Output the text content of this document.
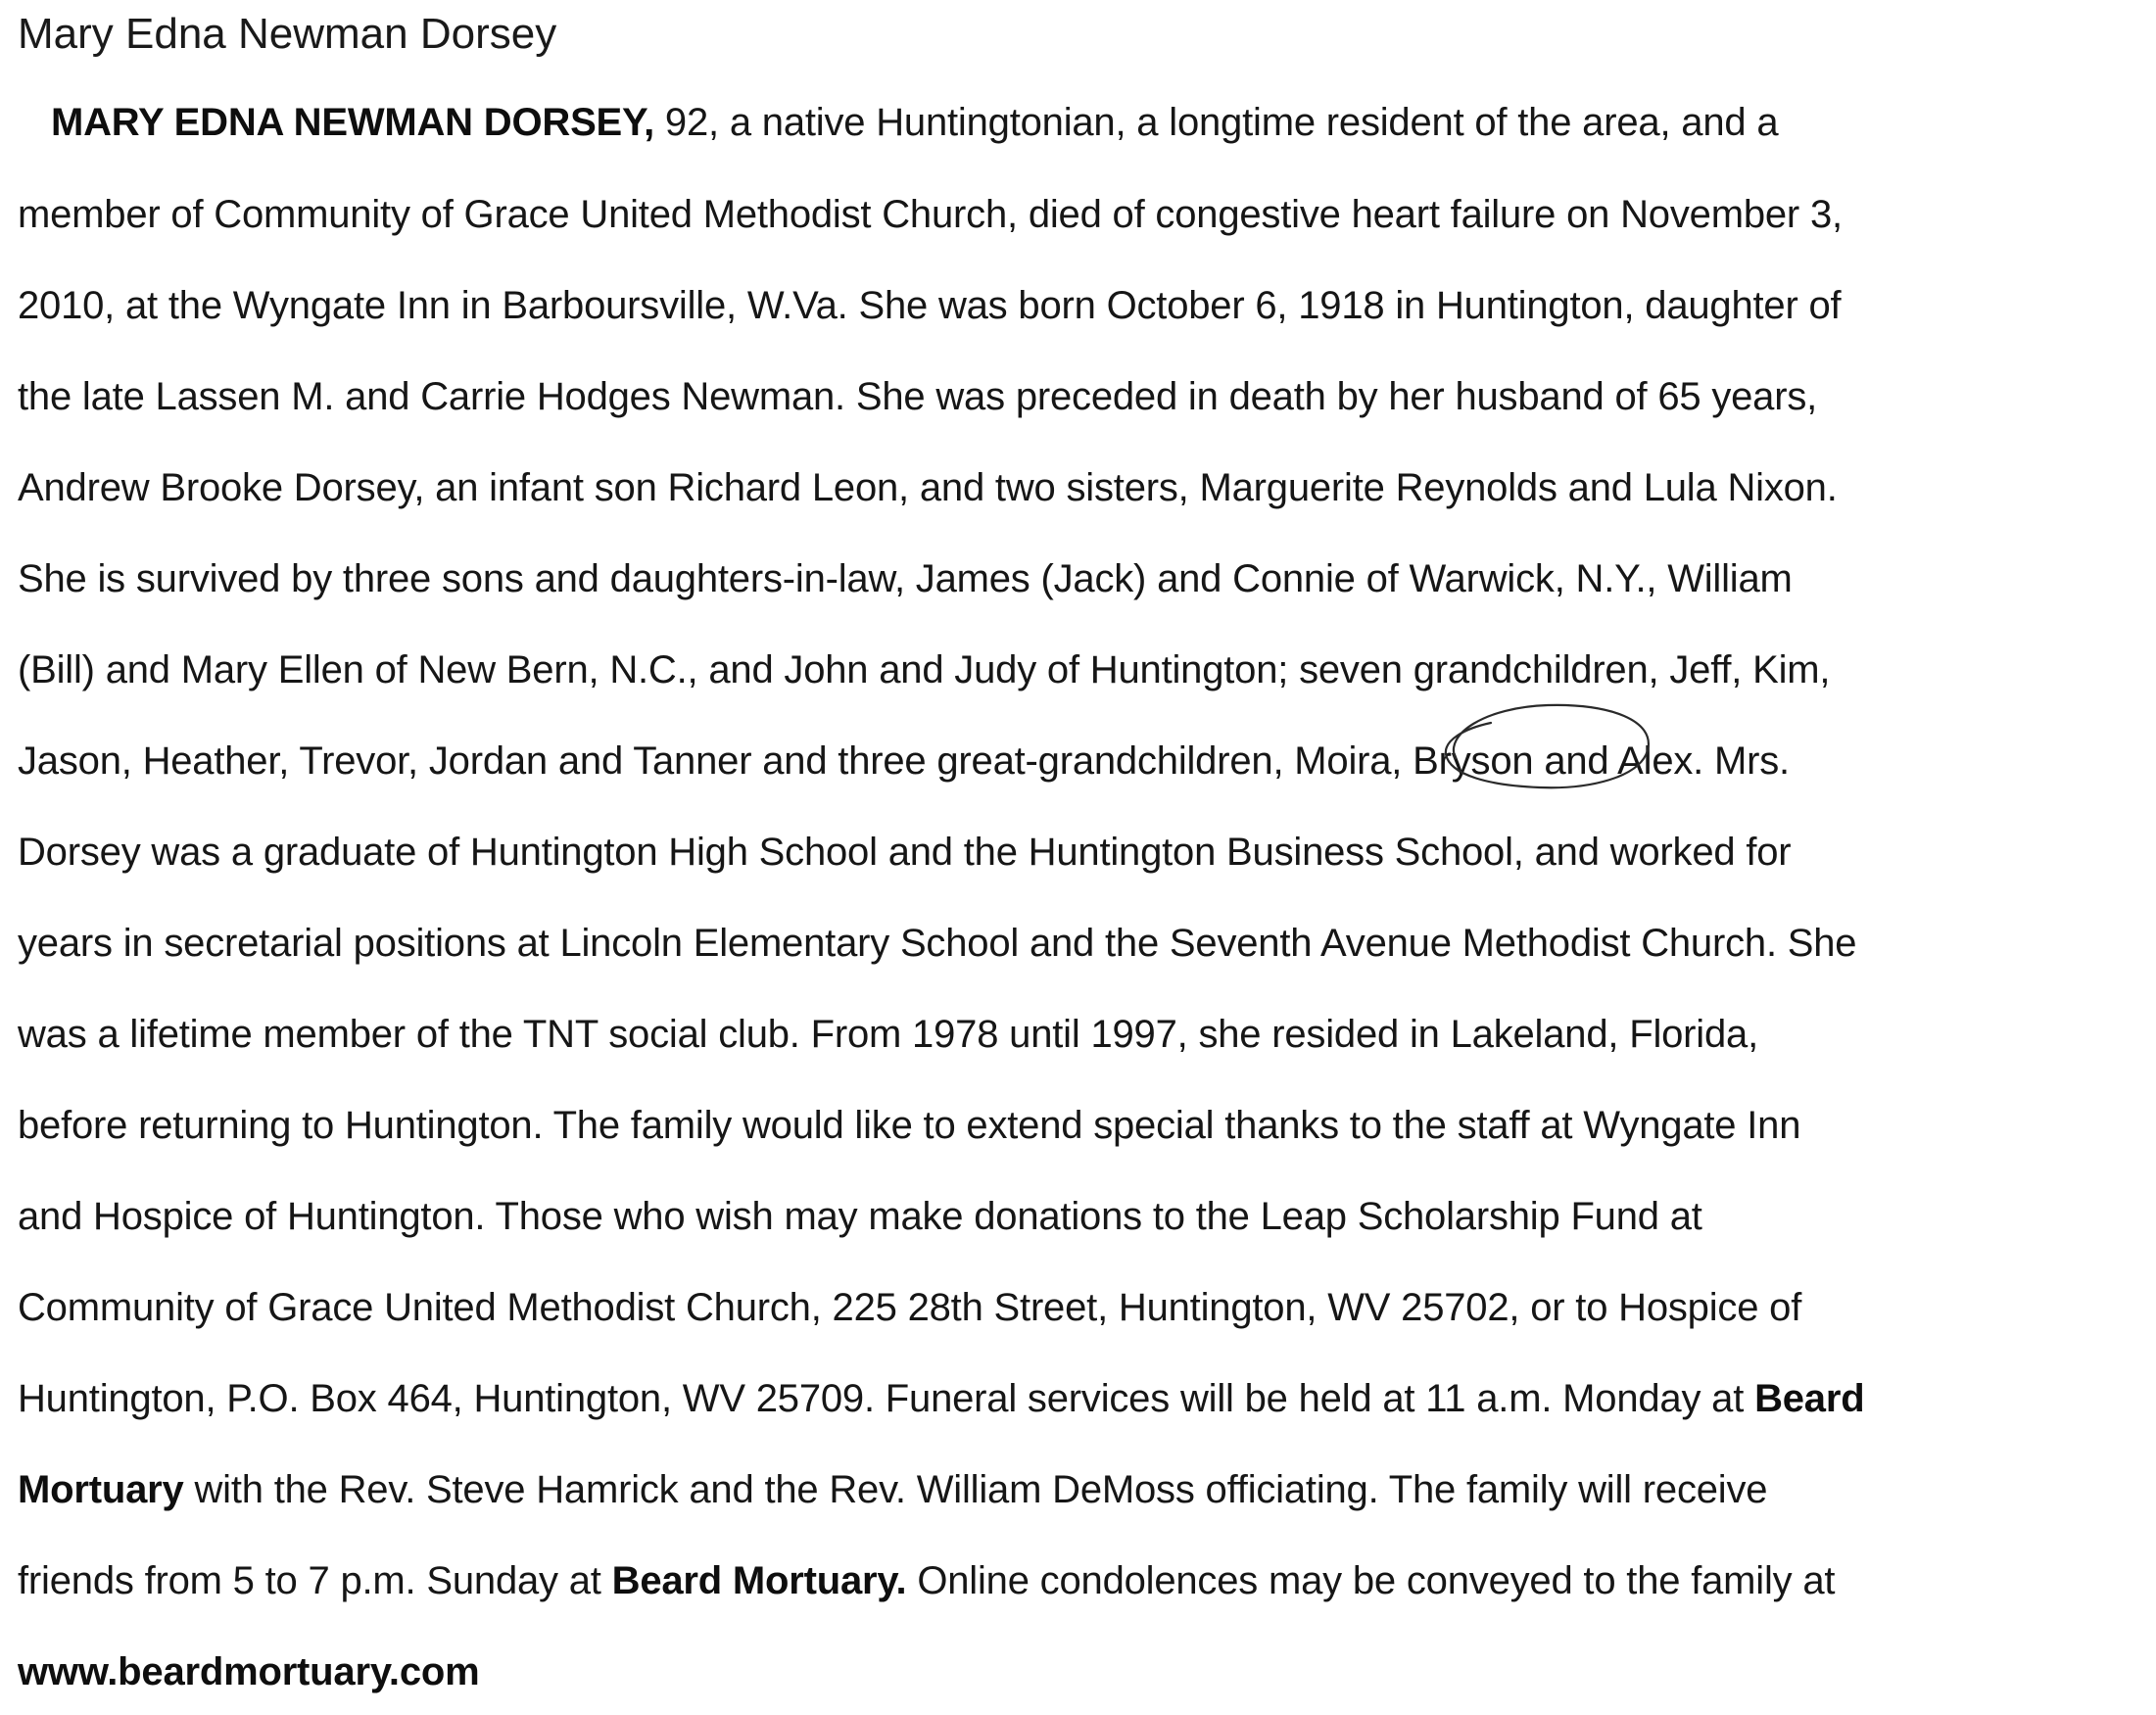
Mary Edna Newman Dorsey
MARY EDNA NEWMAN DORSEY, 92, a native Huntingtonian, a longtime resident of the area, and a
member of Community of Grace United Methodist Church, died of congestive heart failure on November 3,
2010, at the Wyngate Inn in Barboursville, W.Va. She was born October 6, 1918 in Huntington, daughter of
the late Lassen M. and Carrie Hodges Newman. She was preceded in death by her husband of 65 years,
Andrew Brooke Dorsey, an infant son Richard Leon, and two sisters, Marguerite Reynolds and Lula Nixon.
She is survived by three sons and daughters-in-law, James (Jack) and Connie of Warwick, N.Y., William
(Bill) and Mary Ellen of New Bern, N.C., and John and Judy of Huntington; seven grandchildren, Jeff, Kim,
Jason, Heather, Trevor, Jordan and Tanner and three great-grandchildren, Moira, Bryson and Alex. Mrs.
Dorsey was a graduate of Huntington High School and the Huntington Business School, and worked for
years in secretarial positions at Lincoln Elementary School and the Seventh Avenue Methodist Church. She
was a lifetime member of the TNT social club. From 1978 until 1997, she resided in Lakeland, Florida,
before returning to Huntington. The family would like to extend special thanks to the staff at Wyngate Inn
and Hospice of Huntington. Those who wish may make donations to the Leap Scholarship Fund at
Community of Grace United Methodist Church, 225 28th Street, Huntington, WV 25702, or to Hospice of
Huntington, P.O. Box 464, Huntington, WV 25709. Funeral services will be held at 11 a.m. Monday at Beard
Mortuary with the Rev. Steve Hamrick and the Rev. William DeMoss officiating. The family will receive
friends from 5 to 7 p.m. Sunday at Beard Mortuary. Online condolences may be conveyed to the family at
www.beardmortuary.com
